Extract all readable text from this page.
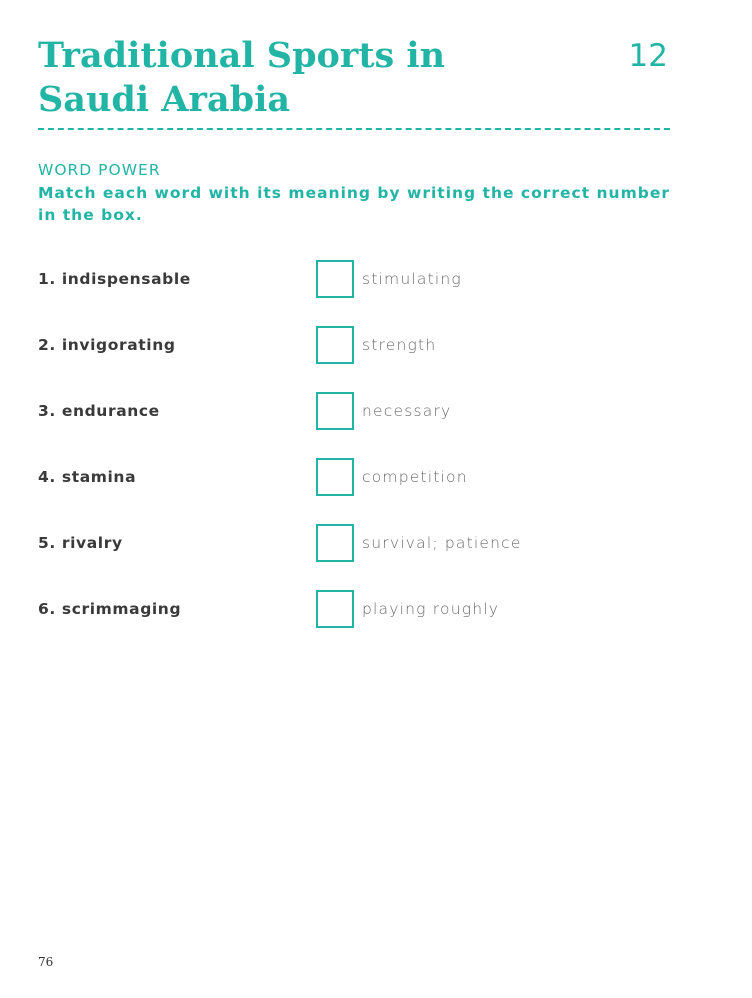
Traditional Sports in Saudi Arabia
12
WORD POWER
Match each word with its meaning by writing the correct number in the box.
1. indispensable	stimulating
2. invigorating	strength
3. endurance	necessary
4. stamina	competition
5. rivalry	survival; patience
6. scrimmaging	playing roughly
76
